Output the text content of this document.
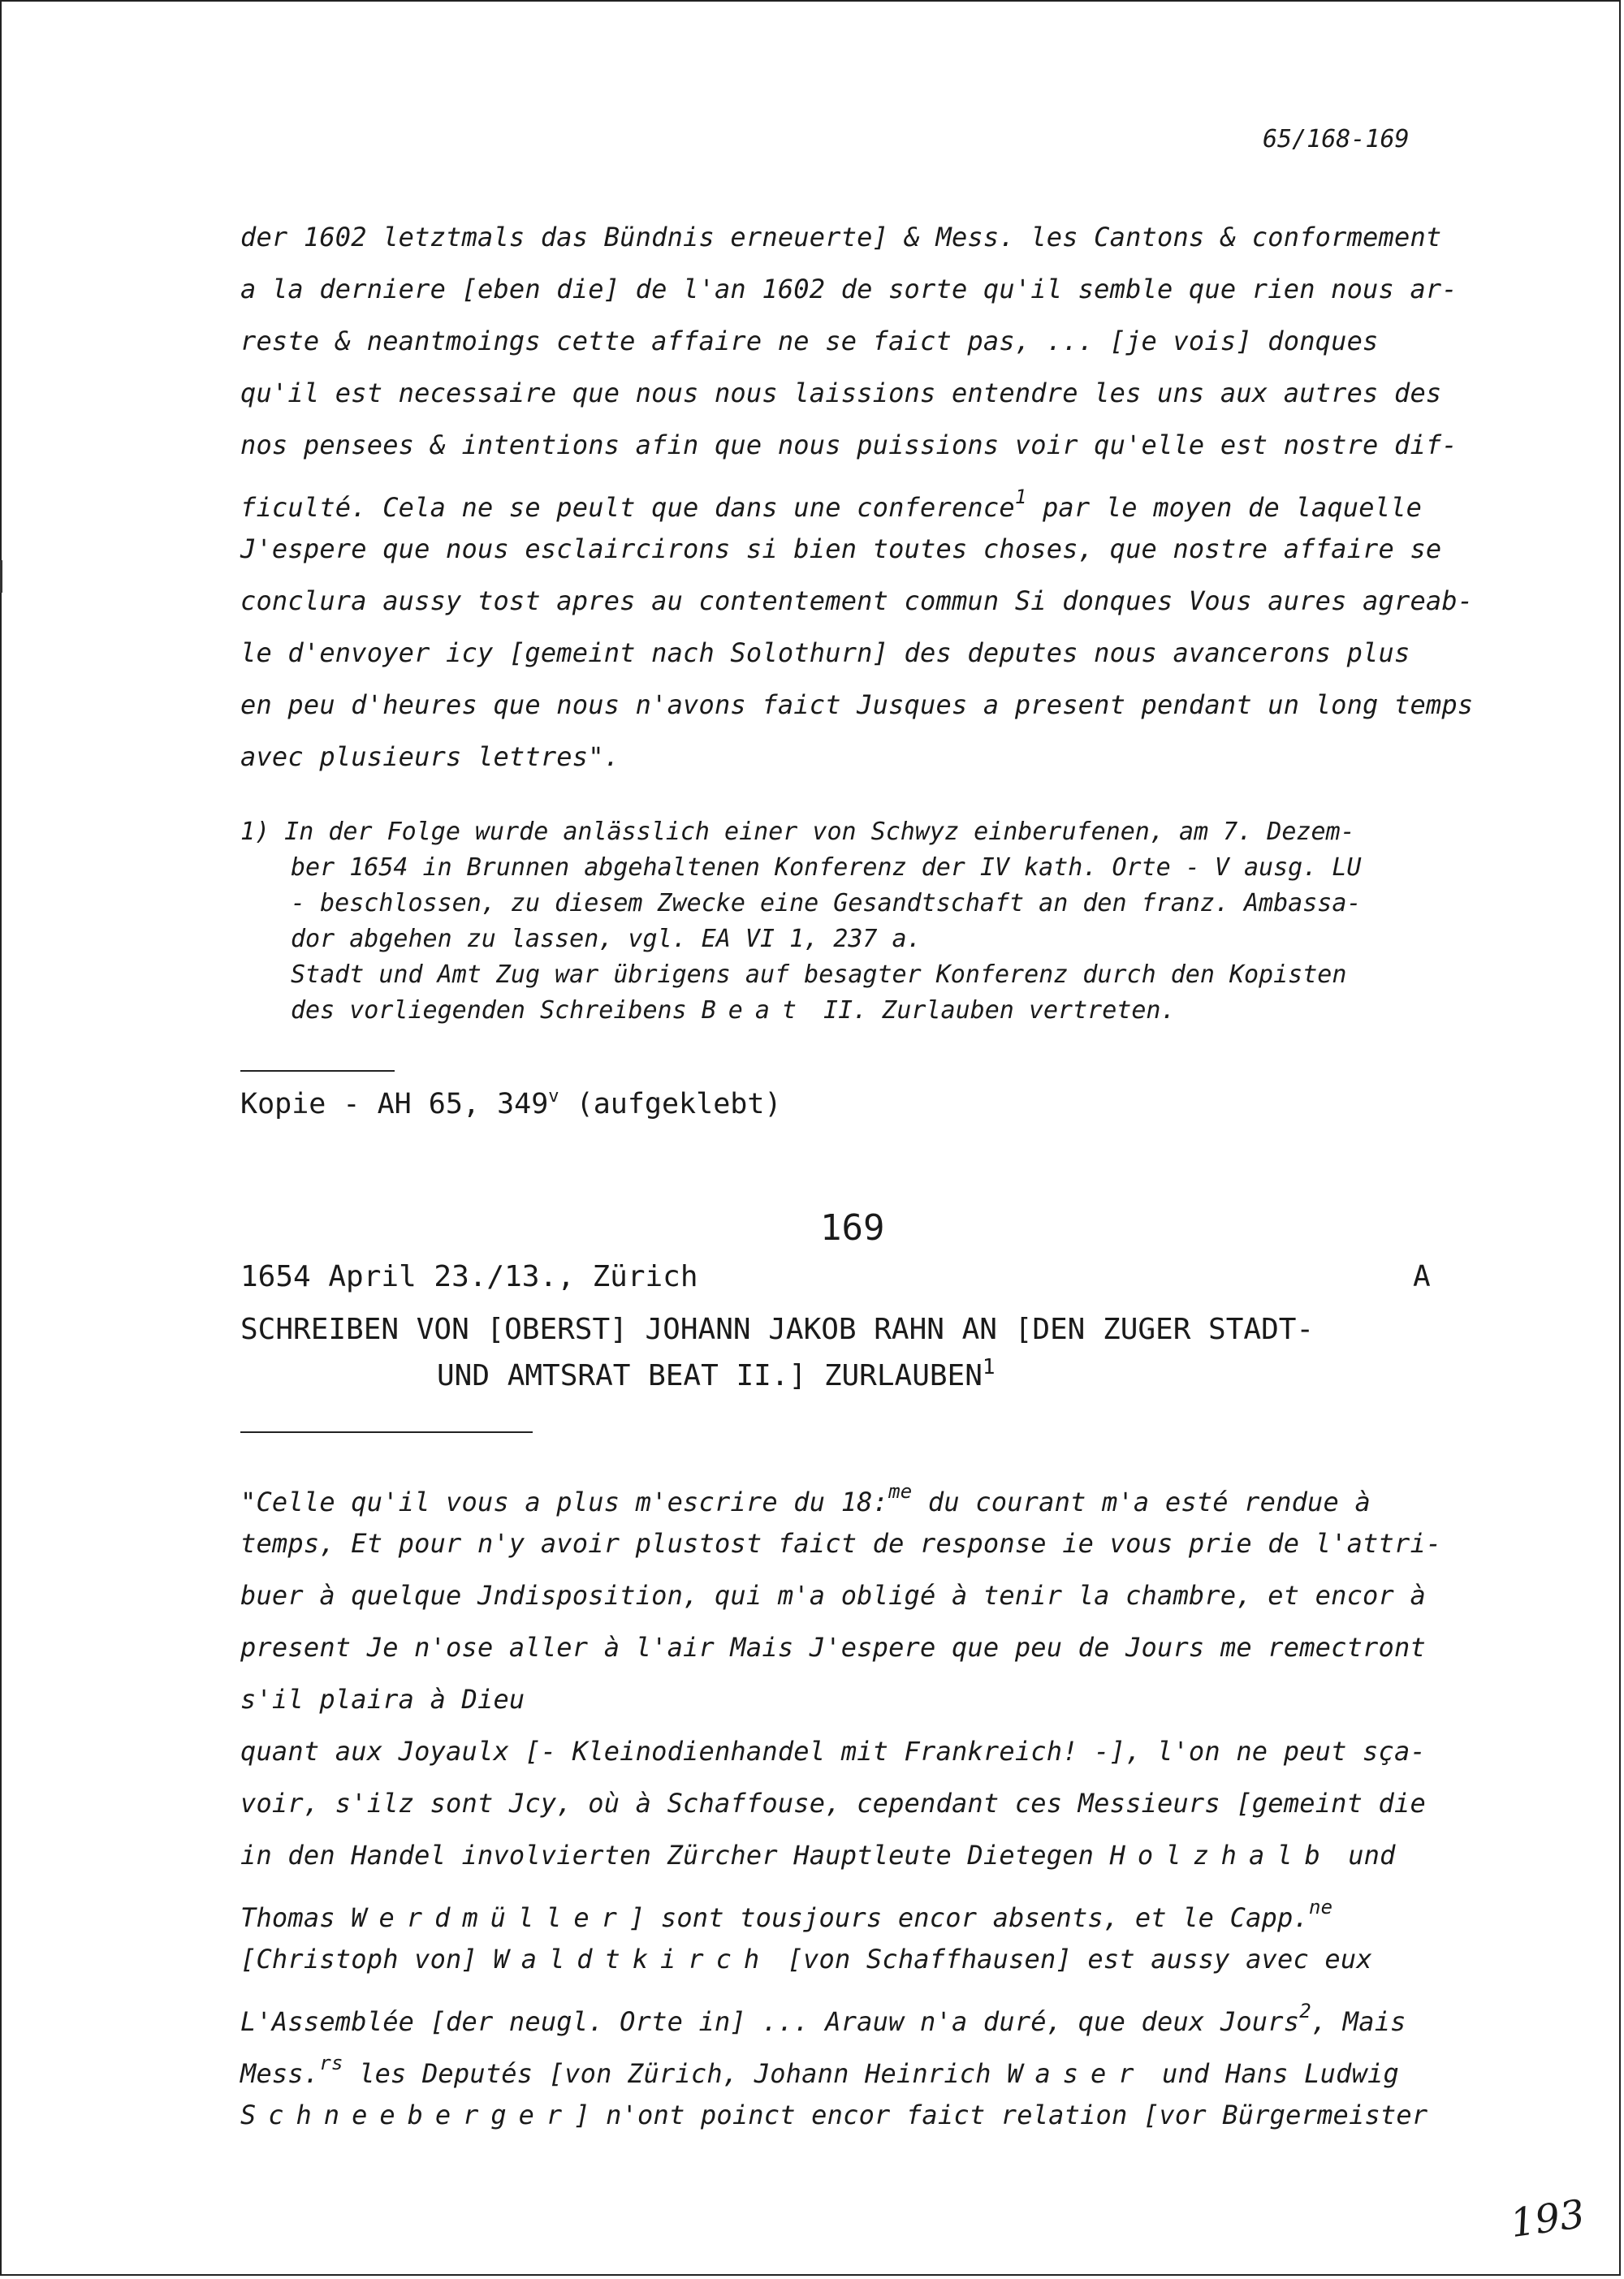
65/168-169
der 1602 letztmals das Bündnis erneuerte] & Mess. les Cantons & conformement
a la derniere [eben die] de l'an 1602 de sorte qu'il semble que rien nous ar-
reste & neantmoings cette affaire ne se faict pas, ... [je vois] donques
qu'il est necessaire que nous nous laissions entendre les uns aux autres des
nos pensees & intentions afin que nous puissions voir qu'elle est nostre dif-
ficulté. Cela ne se peult que dans une conference$^1$ par le moyen de laquelle
J'espere que nous esclaircirons si bien toutes choses, que nostre affaire se
conclura aussy tost apres au contentement commun Si donques Vous aures agreab-
le d'envoyer icy [gemeint nach Solothurn] des deputes nous avancerons plus
en peu d'heures que nous n'avons faict Jusques a present pendant un long temps
avec plusieurs lettres".
1) In der Folge wurde anlässlich einer von Schwyz einberufenen, am 7. Dezem-
ber 1654 in Brunnen abgehaltenen Konferenz der IV kath. Orte - V ausg. LU
- beschlossen, zu diesem Zwecke eine Gesandtschaft an den franz. Ambassa-
dor abgehen zu lassen, vgl. EA VI 1, 237 a.
Stadt und Amt Zug war übrigens auf besagter Konferenz durch den Kopisten
des vorliegenden Schreibens Beat II. Zurlauben vertreten.
Kopie - AH 65, 349$^v$ (aufgeklebt)
169
1654 April 23./13., Zürich	A
SCHREIBEN VON [OBERST] JOHANN JAKOB RAHN AN [DEN ZUGER STADT-
UND AMTSRAT BEAT II.] ZURLAUBEN$^1$
"Celle qu'il vous a plus m'escrire du 18:$^{me}$ du courant m'a esté rendue à
temps, Et pour n'y avoir plustost faict de response ie vous prie de l'attri-
buer à quelque Jndisposition, qui m'a obligé à tenir la chambre, et encor à
present Je n'ose aller à l'air Mais J'espere que peu de Jours me remectront
s'il plaira à Dieu
quant aux Joyaulx [- Kleinodienhandel mit Frankreich! -], l'on ne peut sça-
voir, s'ilz sont Jcy, où à Schaffouse, cependant ces Messieurs [gemeint die
in den Handel involvierten Zürcher Hauptleute Dietegen Holzhalb und
Thomas Werdmüller] sont tousjours encor absents, et le Capp.$^{ne}$
[Christoph von] Waldtkirch [von Schaffhausen] est aussy avec eux
L'Assemblée [der neugl. Orte in] ... Arauw n'a duré, que deux Jours$^2$, Mais
Mess.$^{rs}$ les Deputés [von Zürich, Johann Heinrich Waser und Hans Ludwig
Schneeberger] n'ont poinct encor faict relation [vor Bürgermeister
193
